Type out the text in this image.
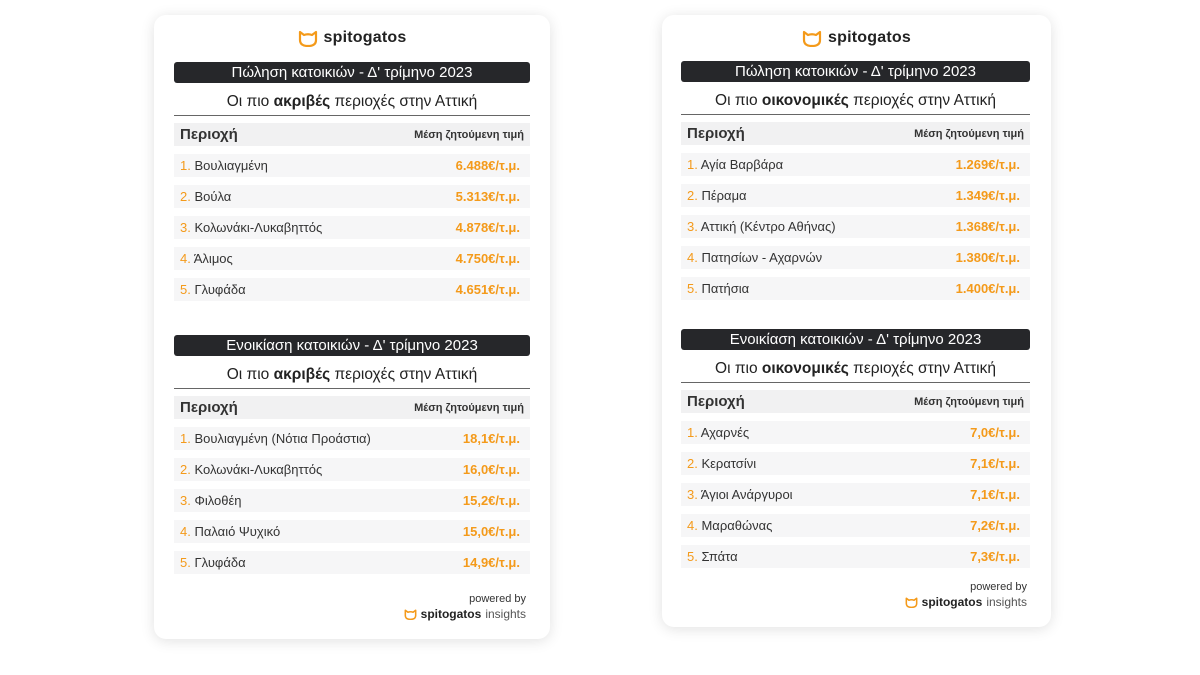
spitogatos
Πώληση κατοικιών - Δ' τρίμηνο 2023
Οι πιο ακριβές περιοχές στην Αττική
Περιοχή	Μέση ζητούμενη τιμή
1. Βουλιαγμένη	6.488€/τ.μ.
2. Βούλα	5.313€/τ.μ.
3. Κολωνάκι-Λυκαβηττός	4.878€/τ.μ.
4. Άλιμος	4.750€/τ.μ.
5. Γλυφάδα	4.651€/τ.μ.
Ενοικίαση κατοικιών - Δ' τρίμηνο 2023
Οι πιο ακριβές περιοχές στην Αττική
Περιοχή	Μέση ζητούμενη τιμή
1. Βουλιαγμένη (Νότια Προάστια)	18,1€/τ.μ.
2. Κολωνάκι-Λυκαβηττός	16,0€/τ.μ.
3. Φιλοθέη	15,2€/τ.μ.
4. Παλαιό Ψυχικό	15,0€/τ.μ.
5. Γλυφάδα	14,9€/τ.μ.
powered by
spitogatos insights
spitogatos
Πώληση κατοικιών - Δ' τρίμηνο 2023
Οι πιο οικονομικές περιοχές στην Αττική
Περιοχή	Μέση ζητούμενη τιμή
1. Αγία Βαρβάρα	1.269€/τ.μ.
2. Πέραμα	1.349€/τ.μ.
3. Αττική (Κέντρο Αθήνας)	1.368€/τ.μ.
4. Πατησίων - Αχαρνών	1.380€/τ.μ.
5. Πατήσια	1.400€/τ.μ.
Ενοικίαση κατοικιών - Δ' τρίμηνο 2023
Οι πιο οικονομικές περιοχές στην Αττική
Περιοχή	Μέση ζητούμενη τιμή
1. Αχαρνές	7,0€/τ.μ.
2. Κερατσίνι	7,1€/τ.μ.
3. Άγιοι Ανάργυροι	7,1€/τ.μ.
4. Μαραθώνας	7,2€/τ.μ.
5. Σπάτα	7,3€/τ.μ.
powered by
spitogatos insights
